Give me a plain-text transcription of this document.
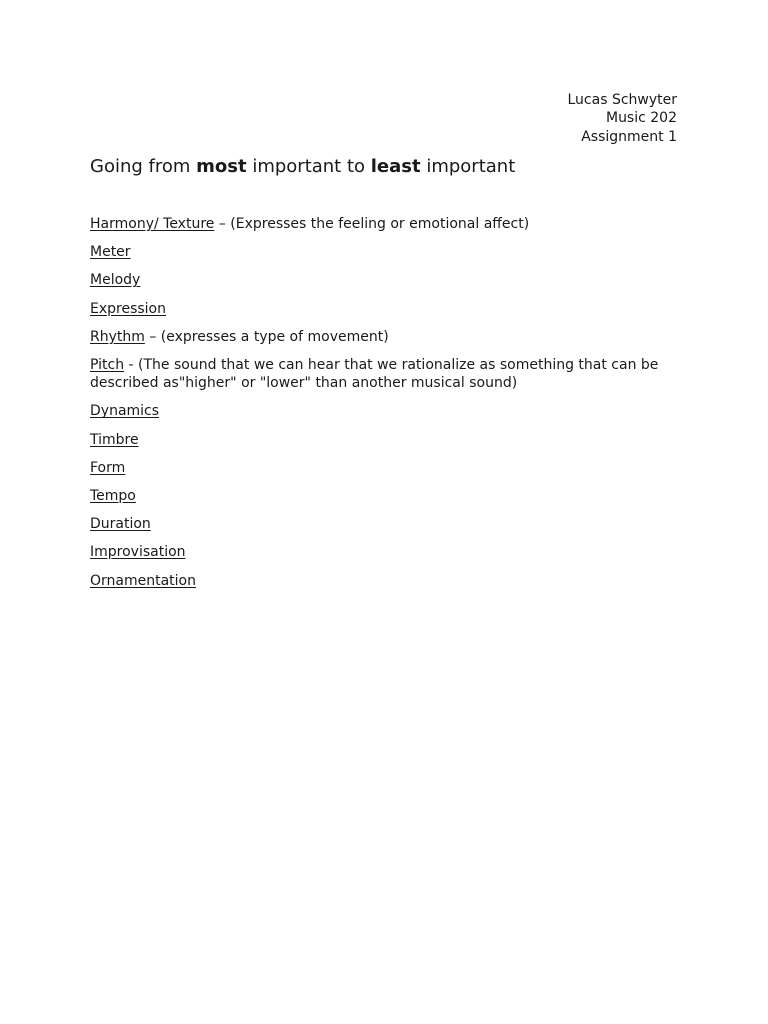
Lucas Schwyter
Music 202
Assignment 1
Going from most important to least important
Harmony/ Texture – (Expresses the feeling or emotional affect)
Meter
Melody
Expression
Rhythm – (expresses a type of movement)
Pitch - (The sound that we can hear that we rationalize as something that can be described as"higher" or "lower" than another musical sound)
Dynamics
Timbre
Form
Tempo
Duration
Improvisation
Ornamentation
